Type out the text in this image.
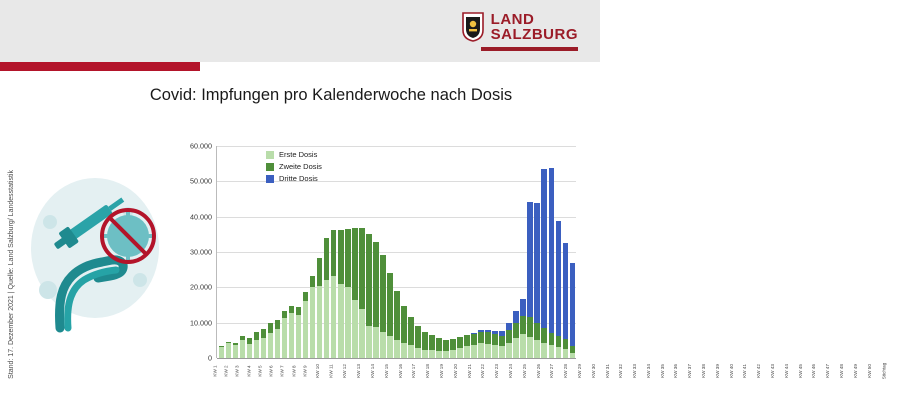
LAND
SALZBURG
Covid: Impfungen pro Kalenderwoche nach Dosis
Stand: 17. Dezember 2021 | Quelle: Land Salzburg/ Landesstatistik	0
10.000
20.000
30.000
40.000
50.000
60.000
KW 1	KW 2	KW 3	KW 4	KW 5	KW 6	KW 7	KW 8	KW 9	KW 10	KW 11	KW 12	KW 13	KW 14	KW 15	KW 16	KW 17	KW 18	KW 19	KW 20	KW 21	KW 22	KW 23	KW 24	KW 25	KW 26	KW 27	KW 28	KW 29	KW 30	KW 31	KW 32	KW 33	KW 34	KW 35	KW 36	KW 37	KW 38	KW 39	KW 40	KW 41	KW 42	KW 43	KW 44	KW 45	KW 46	KW 47	KW 48	KW 49	KW 50	Stichtag
Erste Dosis
Zweite Dosis
Dritte Dosis
